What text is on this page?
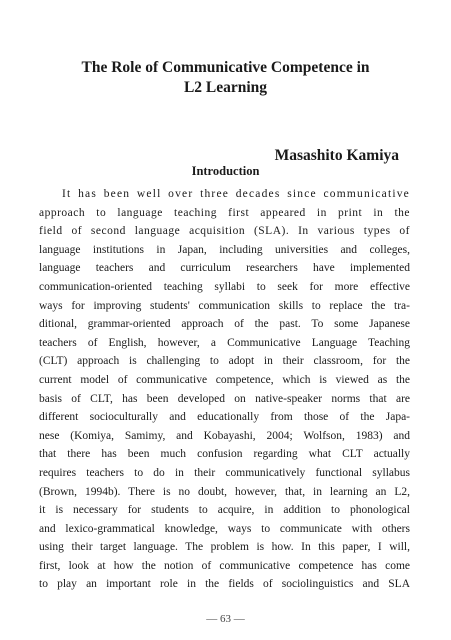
The Role of Communicative Competence in
L2 Learning
Masashito Kamiya
Introduction
It has been well over three decades since communicative
approach to language teaching first appeared in print in the
field of second language acquisition (SLA). In various types of
language institutions in Japan, including universities and colleges,
language teachers and curriculum researchers have implemented
communication-oriented teaching syllabi to seek for more effective
ways for improving students' communication skills to replace the tra-
ditional, grammar-oriented approach of the past. To some Japanese
teachers of English, however, a Communicative Language Teaching
(CLT) approach is challenging to adopt in their classroom, for the
current model of communicative competence, which is viewed as the
basis of CLT, has been developed on native-speaker norms that are
different socioculturally and educationally from those of the Japa-
nese (Komiya, Samimy, and Kobayashi, 2004; Wolfson, 1983) and
that there has been much confusion regarding what CLT actually
requires teachers to do in their communicatively functional syllabus
(Brown, 1994b). There is no doubt, however, that, in learning an L2,
it is necessary for students to acquire, in addition to phonological
and lexico-grammatical knowledge, ways to communicate with others
using their target language. The problem is how. In this paper, I will,
first, look at how the notion of communicative competence has come
to play an important role in the fields of sociolinguistics and SLA
— 63 —
